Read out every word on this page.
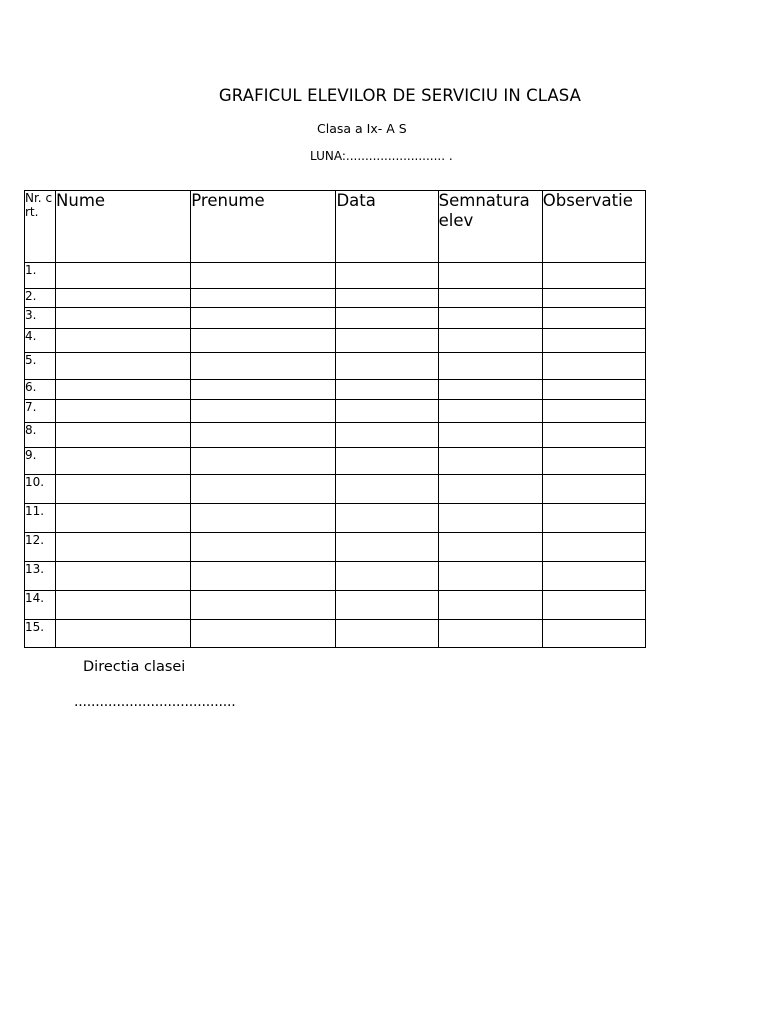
GRAFICUL ELEVILOR DE SERVICIU IN CLASA
Clasa a Ix- A S
LUNA:.......................... .
Nr. crt.	Nume	Prenume	Data	Semnatura elev	Observatie
1.					
2.					
3.					
4.					
5.					
6.					
7.					
8.					
9.					
10.					
11.					
12.					
13.					
14.					
15.					
Directia clasei
......................................
